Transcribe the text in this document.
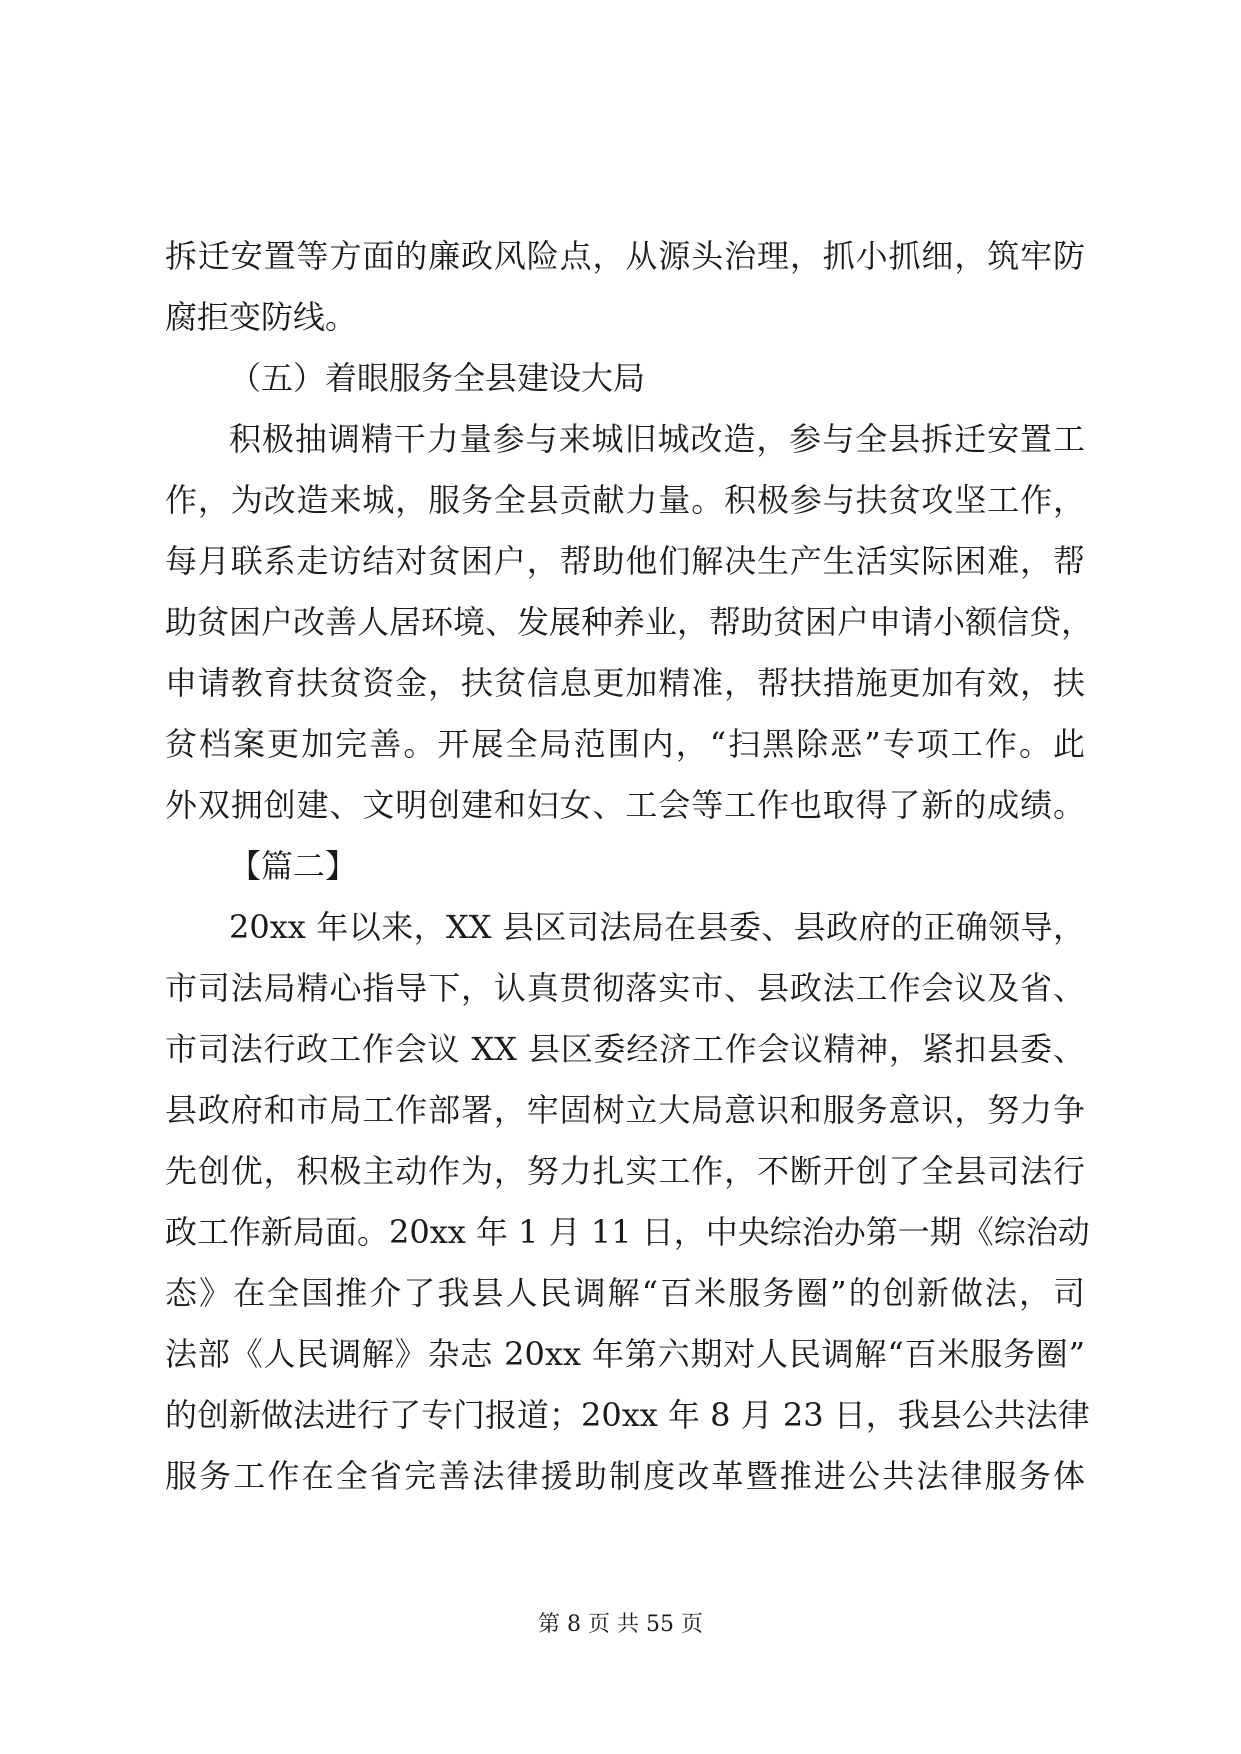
拆迁安置等方面的廉政风险点，从源头治理，抓小抓细，筑牢防
腐拒变防线。
（五）着眼服务全县建设大局
积极抽调精干力量参与来城旧城改造，参与全县拆迁安置工
作，为改造来城，服务全县贡献力量。积极参与扶贫攻坚工作，
每月联系走访结对贫困户，帮助他们解决生产生活实际困难，帮
助贫困户改善人居环境、发展种养业，帮助贫困户申请小额信贷，
申请教育扶贫资金，扶贫信息更加精准，帮扶措施更加有效，扶
贫档案更加完善。开展全局范围内，“扫黑除恶”专项工作。此
外双拥创建、文明创建和妇女、工会等工作也取得了新的成绩。
【篇二】
20xx 年以来，XX 县区司法局在县委、县政府的正确领导，
市司法局精心指导下，认真贯彻落实市、县政法工作会议及省、
市司法行政工作会议 XX 县区委经济工作会议精神，紧扣县委、
县政府和市局工作部署，牢固树立大局意识和服务意识，努力争
先创优，积极主动作为，努力扎实工作，不断开创了全县司法行
政工作新局面。20xx 年 1 月 11 日，中央综治办第一期《综治动
态》在全国推介了我县人民调解“百米服务圈”的创新做法，司
法部《人民调解》杂志 20xx 年第六期对人民调解“百米服务圈”
的创新做法进行了专门报道；20xx 年 8 月 23 日，我县公共法律
服务工作在全省完善法律援助制度改革暨推进公共法律服务体
第 8 页 共 55 页
